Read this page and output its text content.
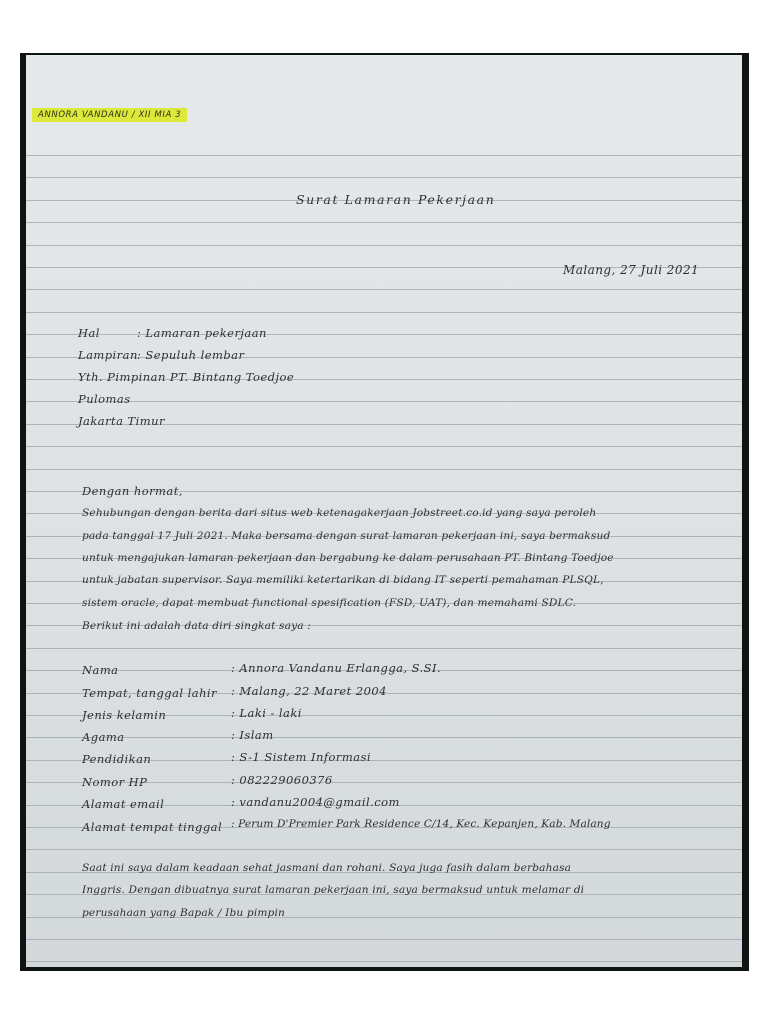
ANNORA VANDANU / XII MIA 3
Surat Lamaran Pekerjaan
Malang, 27 Juli 2021
Hal	: Lamaran pekerjaan
Lampiran : Sepuluh lembar
Yth. Pimpinan PT. Bintang Toedjoe
Pulomas
Jakarta Timur
Dengan hormat,
Sehubungan dengan berita dari situs web ketenagakerjaan Jobstreet.co.id yang saya peroleh
pada tanggal 17 Juli 2021. Maka bersama dengan surat lamaran pekerjaan ini, saya bermaksud
untuk mengajukan lamaran pekerjaan dan bergabung ke dalam perusahaan PT. Bintang Toedjoe
untuk jabatan supervisor. Saya memiliki ketertarikan di bidang IT seperti pemahaman PLSQL,
sistem oracle, dapat membuat functional spesification (FSD, UAT), dan memahami SDLC.
Berikut ini adalah data diri singkat saya :
Nama	: Annora Vandanu Erlangga, S.SI.
Tempat, tanggal lahir : Malang, 22 Maret 2004
Jenis kelamin	: Laki - laki
Agama	: Islam
Pendidikan	: S-1 Sistem Informasi
Nomor HP	: 082229060376
Alamat email	: vandanu2004@gmail.com
Alamat tempat tinggal : Perum D'Premier Park Residence C/14, Kec. Kepanjen, Kab. Malang
Saat ini saya dalam keadaan sehat jasmani dan rohani. Saya juga fasih dalam berbahasa
Inggris. Dengan dibuatnya surat lamaran pekerjaan ini, saya bermaksud untuk melamar di
perusahaan yang Bapak / Ibu pimpin
